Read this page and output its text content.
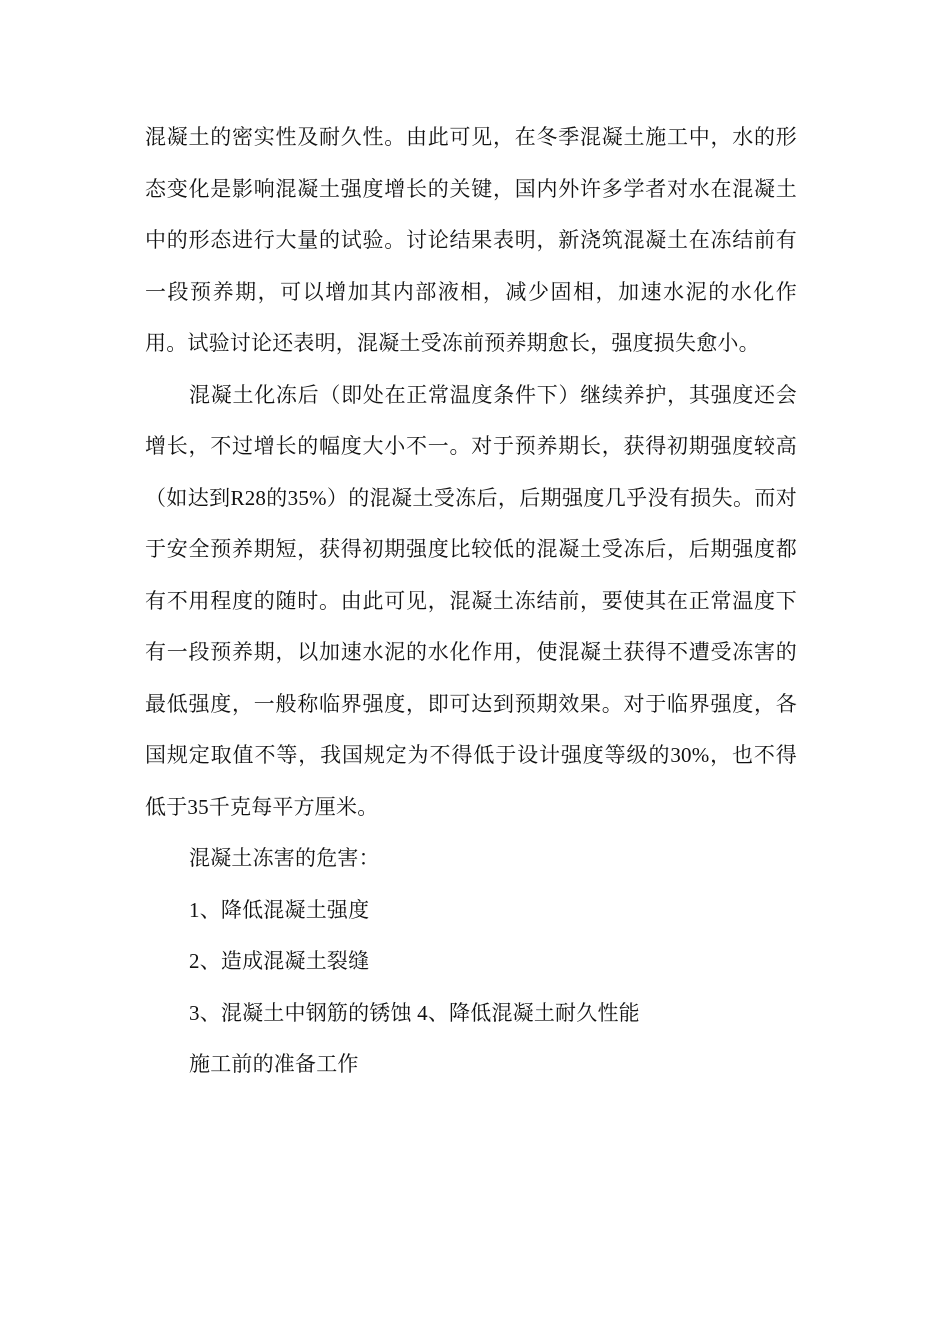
混凝土的密实性及耐久性。由此可见，在冬季混凝土施工中，水的形态变化是影响混凝土强度增长的关键，国内外许多学者对水在混凝土中的形态进行大量的试验。讨论结果表明，新浇筑混凝土在冻结前有一段预养期，可以增加其内部液相，减少固相，加速水泥的水化作用。试验讨论还表明，混凝土受冻前预养期愈长，强度损失愈小。

混凝土化冻后（即处在正常温度条件下）继续养护，其强度还会增长，不过增长的幅度大小不一。对于预养期长，获得初期强度较高（如达到R28的35%）的混凝土受冻后，后期强度几乎没有损失。而对于安全预养期短，获得初期强度比较低的混凝土受冻后，后期强度都有不用程度的随时。由此可见，混凝土冻结前，要使其在正常温度下有一段预养期，以加速水泥的水化作用，使混凝土获得不遭受冻害的最低强度，一般称临界强度，即可达到预期效果。对于临界强度，各国规定取值不等，我国规定为不得低于设计强度等级的30%，也不得低于35千克每平方厘米。

混凝土冻害的危害：

1、降低混凝土强度

2、造成混凝土裂缝

3、混凝土中钢筋的锈蚀 4、降低混凝土耐久性能

施工前的准备工作
